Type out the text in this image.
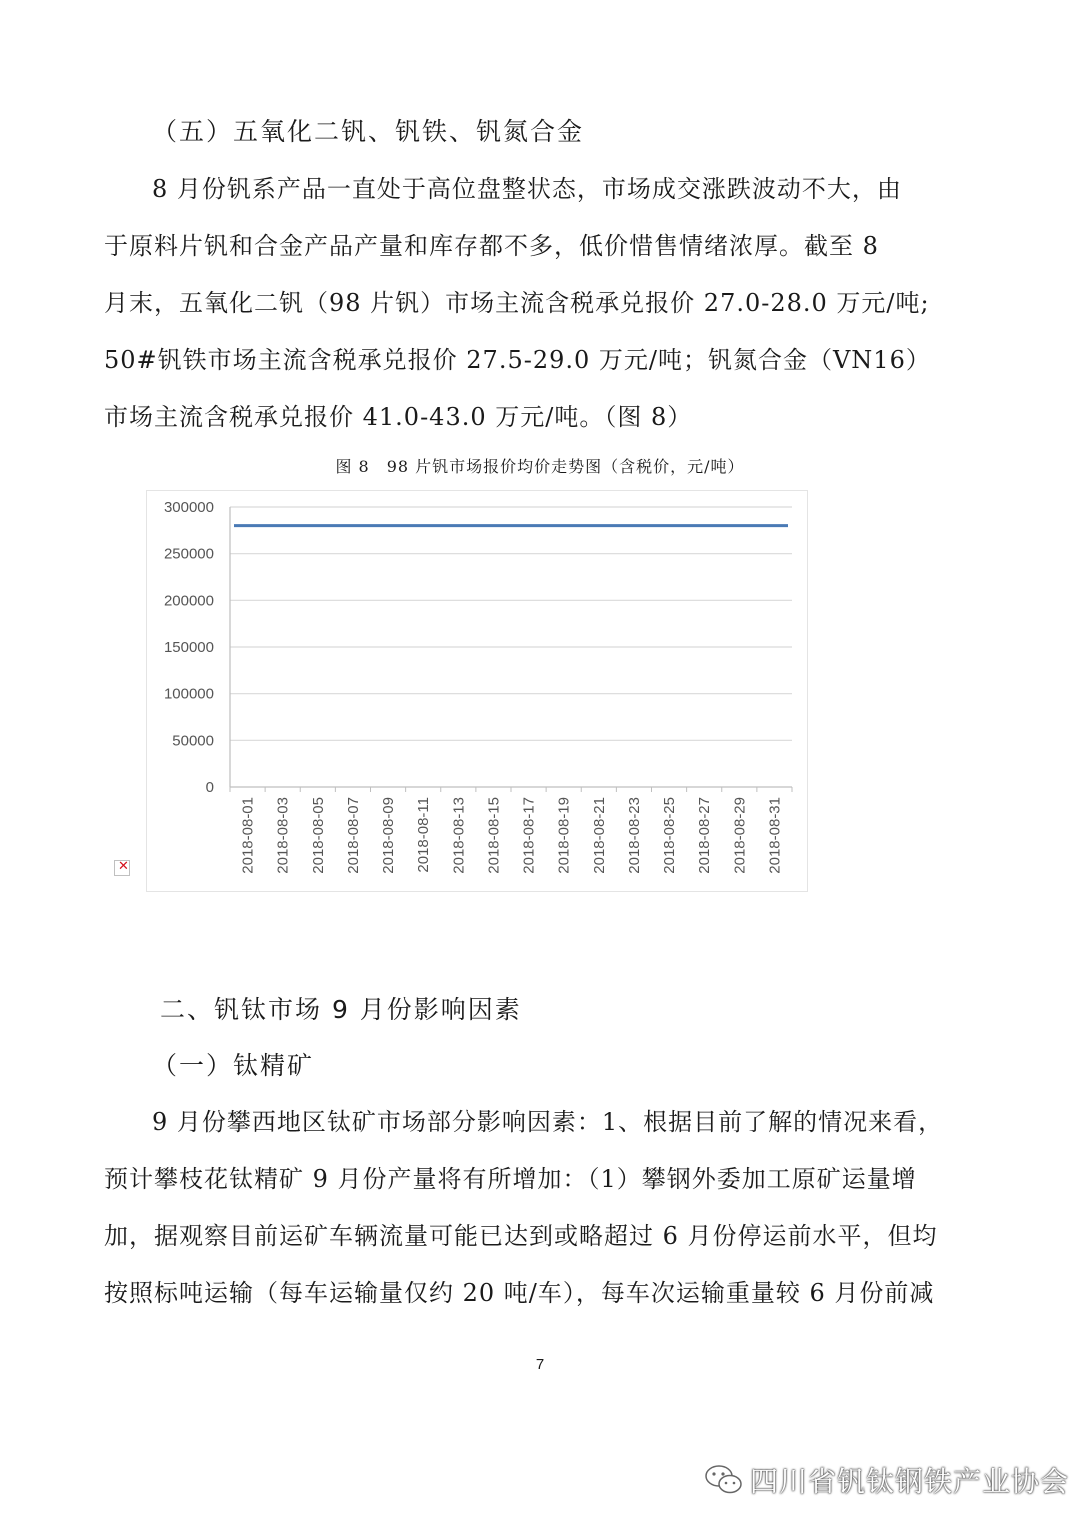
（五）五氧化二钒、钒铁、钒氮合金
8 月份钒系产品一直处于高位盘整状态，市场成交涨跌波动不大，由
于原料片钒和合金产品产量和库存都不多，低价惜售情绪浓厚。截至 8
月末，五氧化二钒（98 片钒）市场主流含税承兑报价 27.0-28.0 万元/吨;
50#钒铁市场主流含税承兑报价 27.5-29.0 万元/吨；钒氮合金（VN16）
市场主流含税承兑报价 41.0-43.0 万元/吨。（图 8）
图 8　98 片钒市场报价均价走势图（含税价，元/吨）
300000
250000
200000
150000
100000
50000
0
2018-08-01 2018-08-03 2018-08-05 2018-08-07 2018-08-09 2018-08-11 2018-08-13 2018-08-15 2018-08-17 2018-08-19 2018-08-21 2018-08-23 2018-08-25 2018-08-27 2018-08-29 2018-08-31
✕
二、钒钛市场 9 月份影响因素
（一）钛精矿
9 月份攀西地区钛矿市场部分影响因素：1、根据目前了解的情况来看，
预计攀枝花钛精矿 9 月份产量将有所增加：（1）攀钢外委加工原矿运量增
加，据观察目前运矿车辆流量可能已达到或略超过 6 月份停运前水平，但均
按照标吨运输（每车运输量仅约 20 吨/车），每车次运输重量较 6 月份前减
7
四川省钒钛钢铁产业协会
